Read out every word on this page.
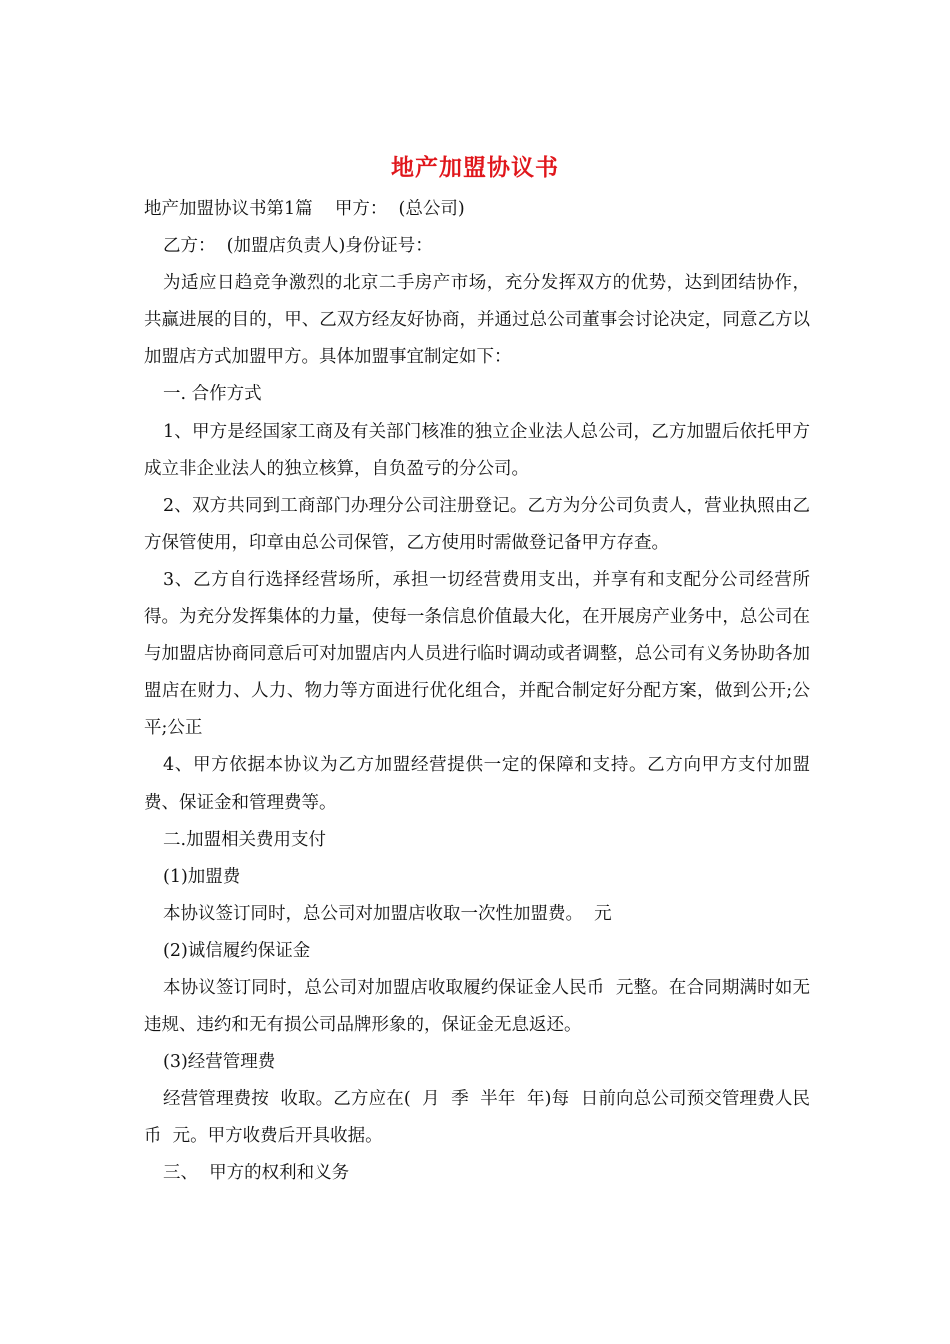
地产加盟协议书

地产加盟协议书第1篇    甲方：  (总公司)

乙方：  (加盟店负责人)身份证号：

为适应日趋竞争激烈的北京二手房产市场，充分发挥双方的优势，达到团结协作，共赢进展的目的，甲、乙双方经友好协商，并通过总公司董事会讨论决定，同意乙方以加盟店方式加盟甲方。具体加盟事宜制定如下：

一. 合作方式

1、甲方是经国家工商及有关部门核准的独立企业法人总公司，乙方加盟后依托甲方成立非企业法人的独立核算，自负盈亏的分公司。

2、双方共同到工商部门办理分公司注册登记。乙方为分公司负责人，营业执照由乙方保管使用，印章由总公司保管，乙方使用时需做登记备甲方存查。

3、乙方自行选择经营场所，承担一切经营费用支出，并享有和支配分公司经营所得。为充分发挥集体的力量，使每一条信息价值最大化，在开展房产业务中，总公司在 与加盟店协商同意后可对加盟店内人员进行临时调动或者调整，总公司有义务协助各加盟店在财力、人力、物力等方面进行优化组合，并配合制定好分配方案，做到公开;公平;公正

4、甲方依据本协议为乙方加盟经营提供一定的保障和支持。乙方向甲方支付加盟费、保证金和管理费等。

二.加盟相关费用支付

(1)加盟费

本协议签订同时，总公司对加盟店收取一次性加盟费。  元

(2)诚信履约保证金

本协议签订同时，总公司对加盟店收取履约保证金人民币  元整。在合同期满时如无违规、违约和无有损公司品牌形象的，保证金无息返还。

(3)经营管理费

经营管理费按  收取。乙方应在(  月  季  半年  年)每  日前向总公司预交管理费人民币  元。甲方收费后开具收据。

三、  甲方的权利和义务
